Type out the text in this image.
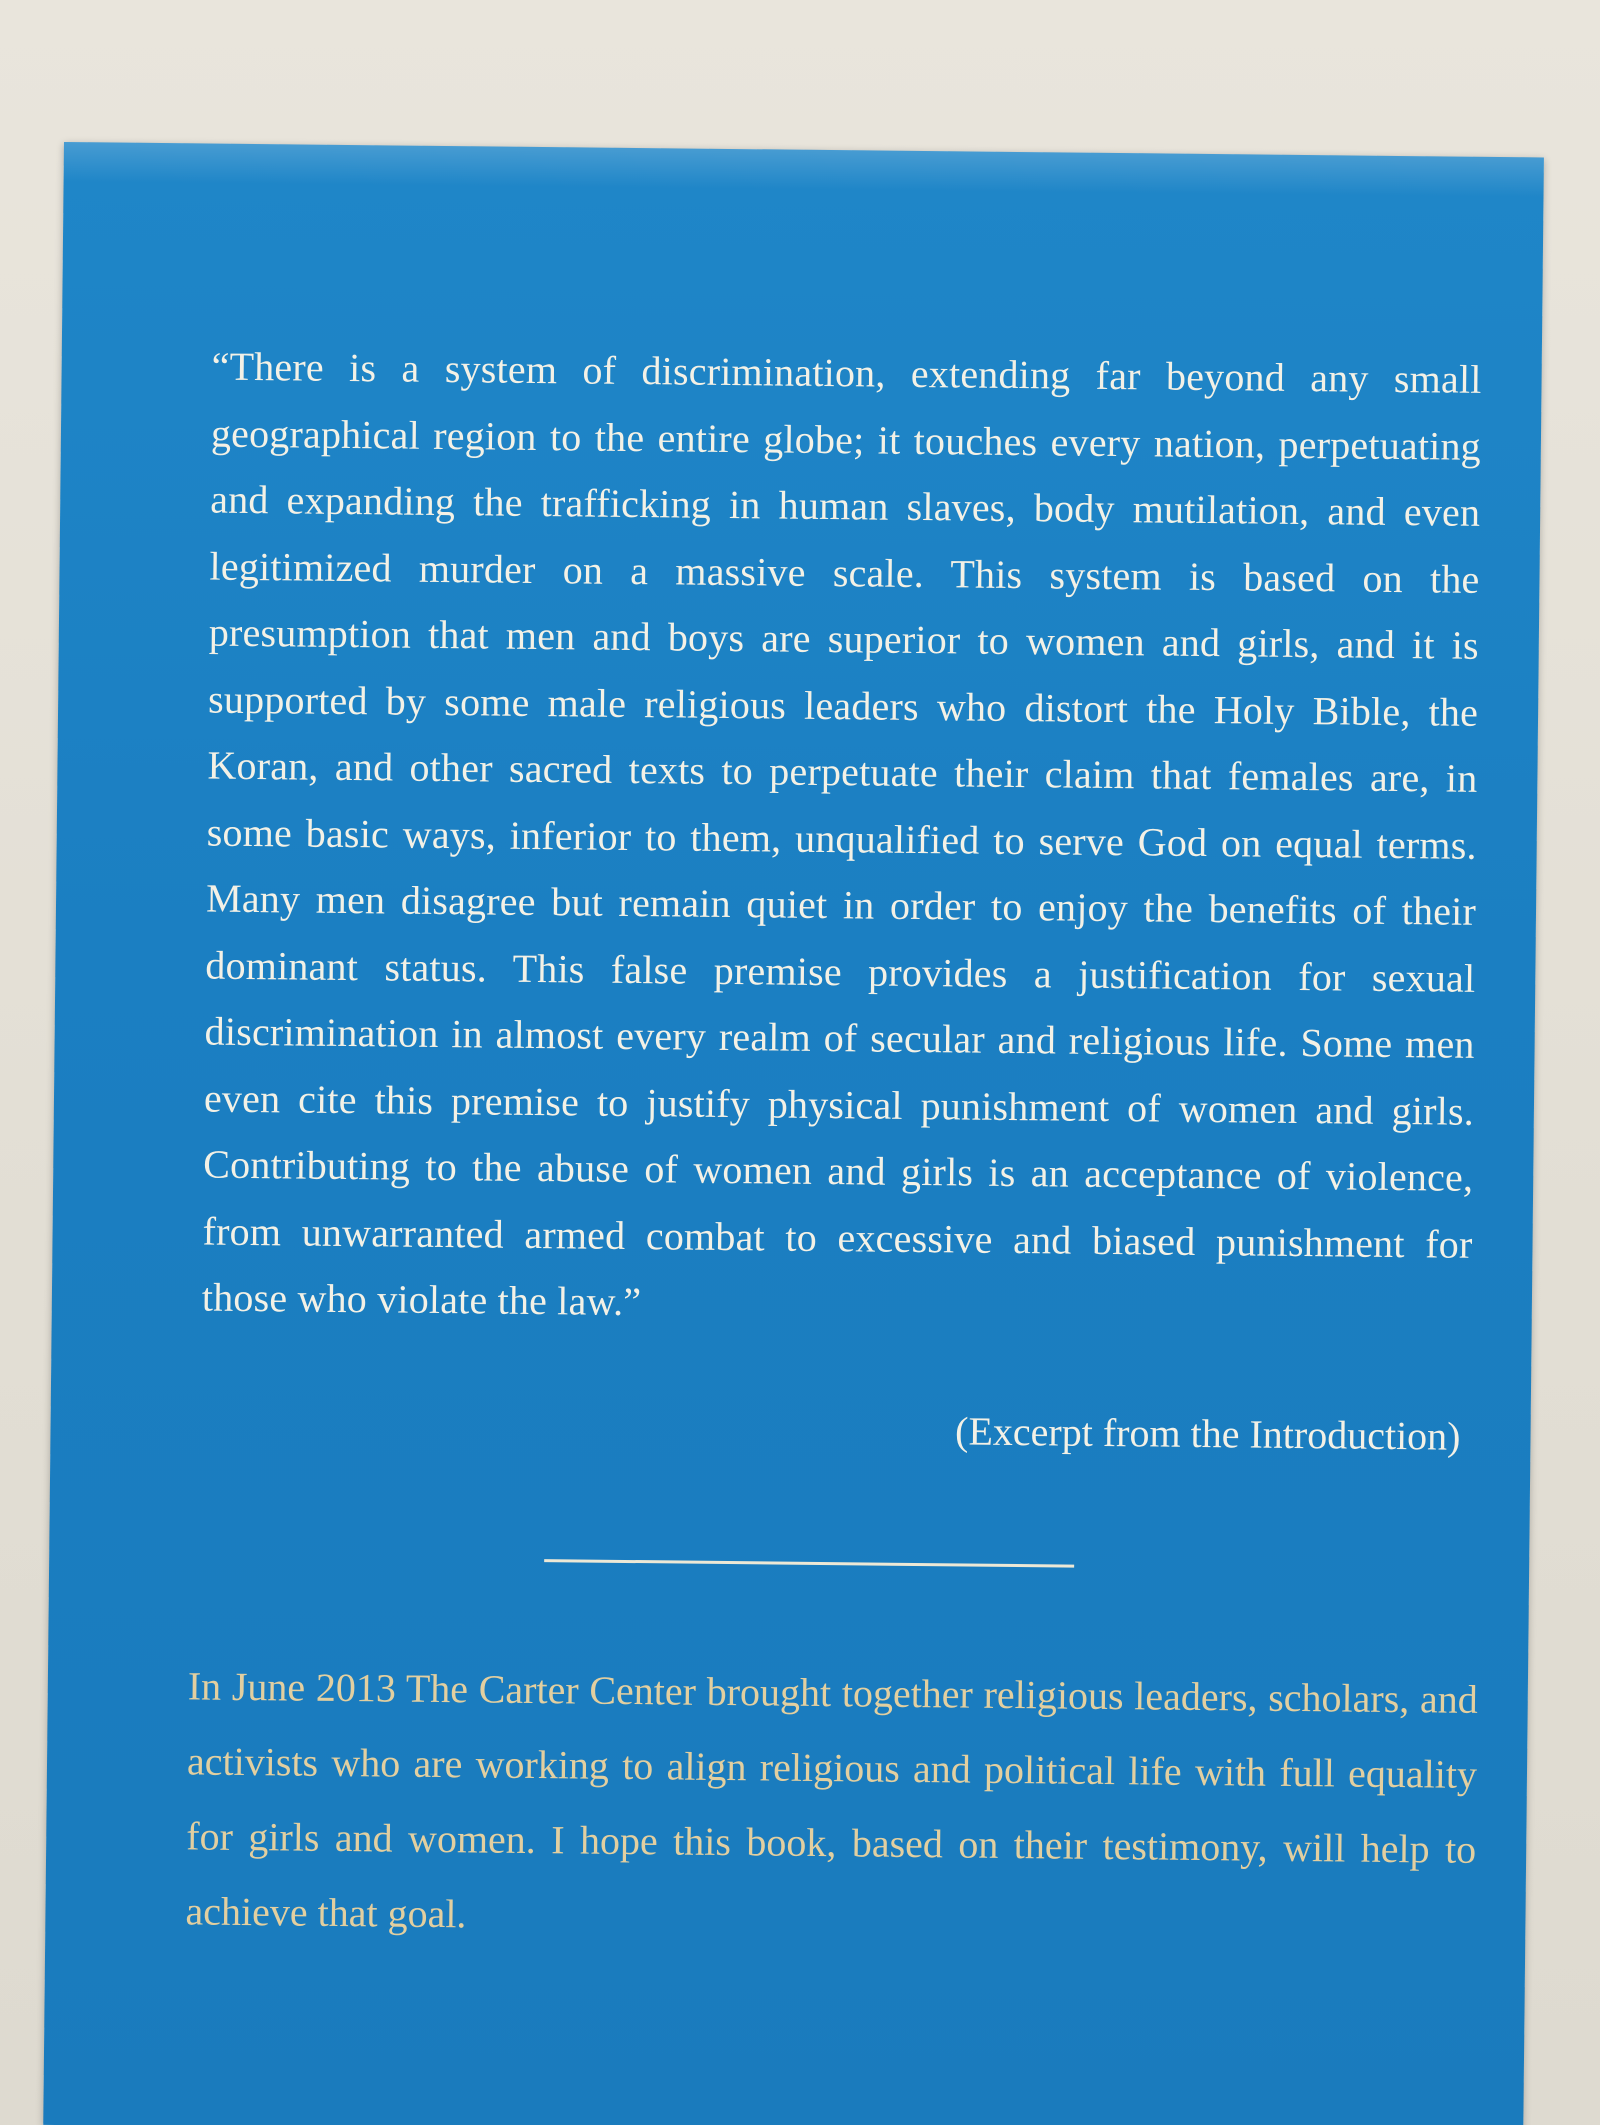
“There is a system of discrimination, extending far beyond any small geographical region to the entire globe; it touches every nation, perpetuating and expanding the trafficking in human slaves, body mutilation, and even legitimized murder on a massive scale. This system is based on the presumption that men and boys are superior to women and girls, and it is supported by some male religious leaders who distort the Holy Bible, the Koran, and other sacred texts to perpetuate their claim that females are, in some basic ways, inferior to them, unqualified to serve God on equal terms. Many men disagree but remain quiet in order to enjoy the benefits of their dominant status. This false premise provides a justification for sexual discrimination in almost every realm of secular and religious life. Some men even cite this premise to justify physical punishment of women and girls. Contributing to the abuse of women and girls is an acceptance of violence, from unwarranted armed combat to excessive and biased punishment for those who violate the law.”

(Excerpt from the Introduction)

In June 2013 The Carter Center brought together religious leaders, scholars, and activists who are working to align religious and political life with full equality for girls and women. I hope this book, based on their testimony, will help to achieve that goal.
